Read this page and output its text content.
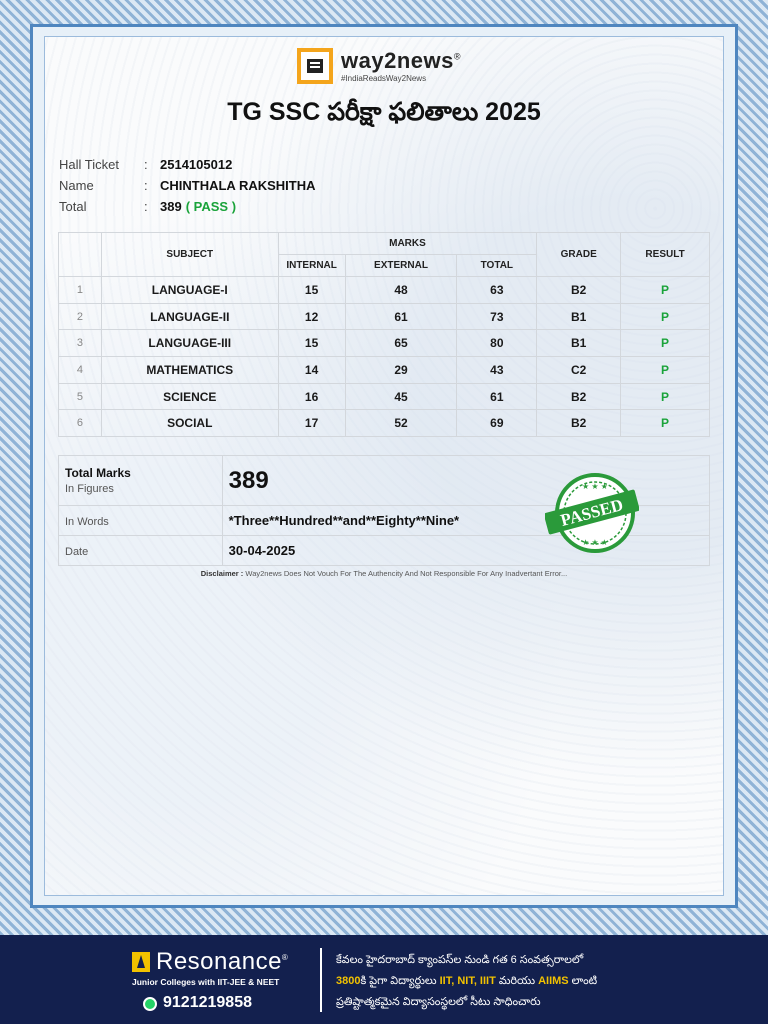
way2news®
#IndiaReadsWay2News
TG SSC పరీక్షా ఫలితాలు 2025
Hall Ticket	: 2514105012
Name	: CHINTHALA RAKSHITHA
Total	: 389 ( PASS )
	SUBJECT	MARKS			GRADE	RESULT
		INTERNAL	EXTERNAL	TOTAL		
1	LANGUAGE-I	15	48	63	B2	P
2	LANGUAGE-II	12	61	73	B1	P
3	LANGUAGE-III	15	65	80	B1	P
4	MATHEMATICS	14	29	43	C2	P
5	SCIENCE	16	45	61	B2	P
6	SOCIAL	17	52	69	B2	P
Total Marks
In Figures	389
In Words	*Three**Hundred**and**Eighty**Nine*
Date	30-04-2025
PASSED
★ ★ ★
★ ★ ★
Disclaimer : Way2news Does Not Vouch For The Authencity And Not Responsible For Any Inadvertant Error...
Resonance®
Junior Colleges with IIT-JEE & NEET
9121219858
కేవలం హైదరాబాద్ క్యాంపస్‌ల నుండి గత 6 సంవత్సరాలలో
3800కి పైగా విద్యార్థులు IIT, NIT, IIIT మరియు AIIMS లాంటి
ప్రతిష్టాత్మకమైన విద్యాసంస్థలలో సీటు సాధించారు
